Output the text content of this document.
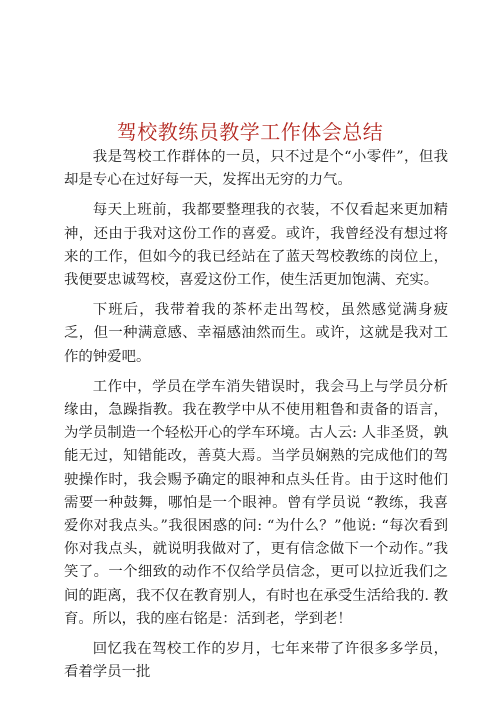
驾校教练员教学工作体会总结

我是驾校工作群体的一员，只不过是个“小零件”，但我却是专心在过好每一天，发挥出无穷的力气。

每天上班前，我都要整理我的衣装，不仅看起来更加精神，还由于我对这份工作的喜爱。或许，我曾经没有想过将来的工作，但如今的我已经站在了蓝天驾校教练的岗位上，我便要忠诚驾校，喜爱这份工作，使生活更加饱满、充实。

下班后，我带着我的茶杯走出驾校，虽然感觉满身疲乏，但一种满意感、幸福感油然而生。或许，这就是我对工作的钟爱吧。

工作中，学员在学车消失错误时，我会马上与学员分析缘由，急躁指教。我在教学中从不使用粗鲁和责备的语言，为学员制造一个轻松开心的学车环境。古人云: 人非圣贤，孰能无过，知错能改，善莫大焉。当学员娴熟的完成他们的驾驶操作时，我会赐予确定的眼神和点头任肯。由于这时他们需要一种鼓舞，哪怕是一个眼神。曾有学员说 “教练，我喜爱你对我点头。”我很困惑的问: “为什么？”他说: “每次看到你对我点头，就说明我做对了，更有信念做下一个动作。”我笑了。一个细致的动作不仅给学员信念，更可以拉近我们之间的距离，我不仅在教育别人，有时也在承受生活给我的. 教育。所以，我的座右铭是：活到老，学到老！

回忆我在驾校工作的岁月，七年来带了许很多多学员，看着学员一批
